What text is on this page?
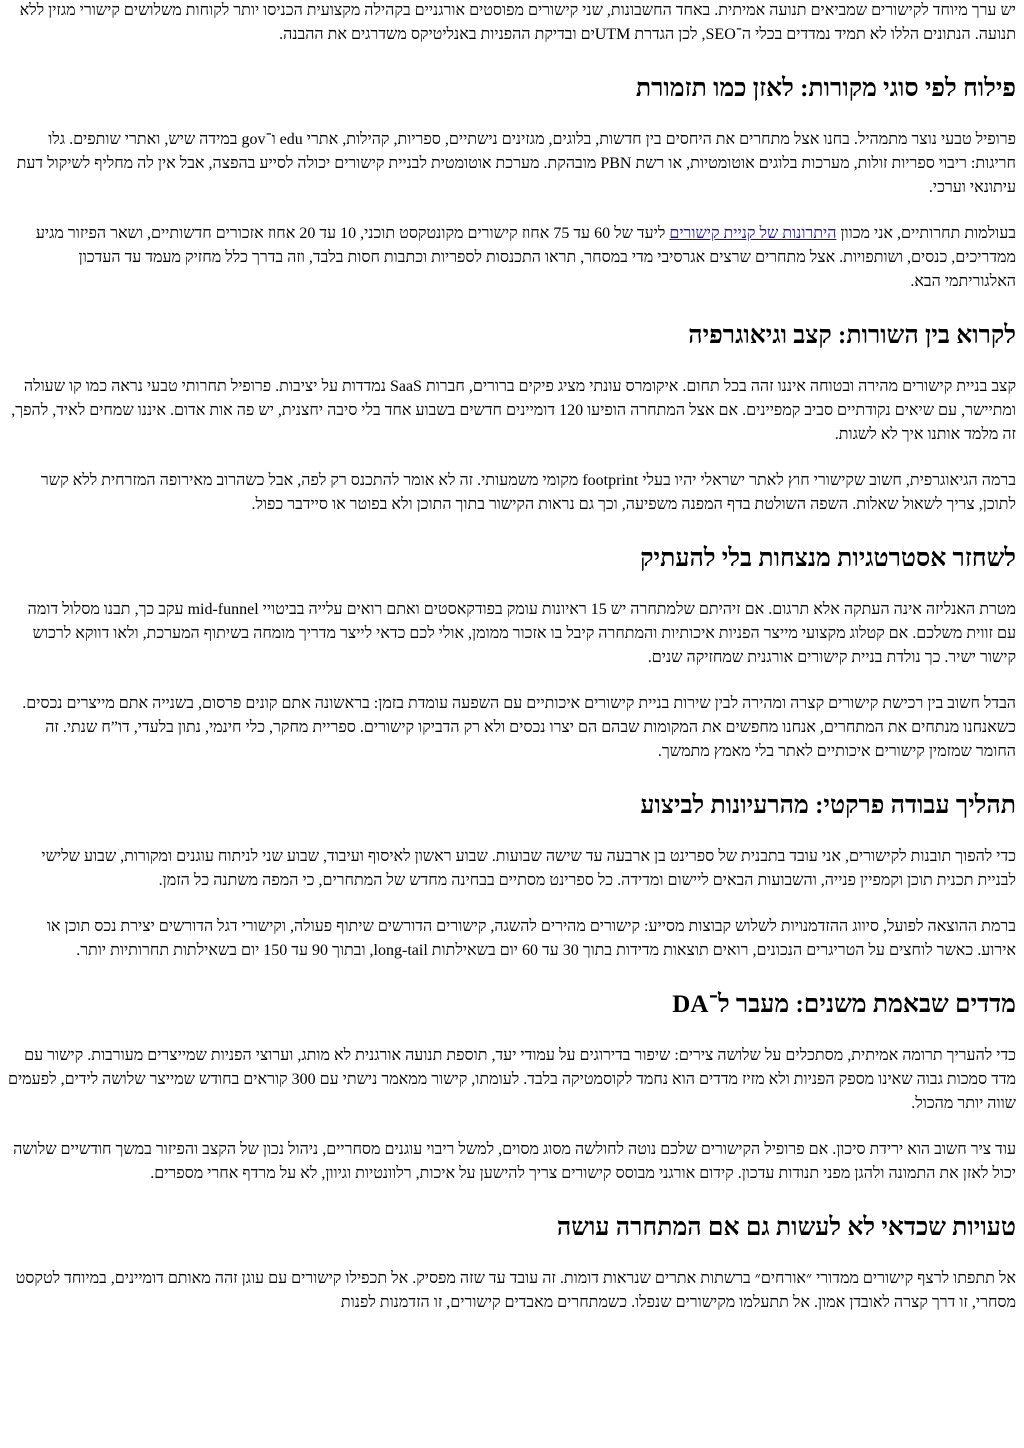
יש ערך מיוחד לקישורים שמביאים תנועה אמיתית. באחד החשבונות, שני קישורים מפוסטים אורגניים בקהילה מקצועית הכניסו יותר לקוחות משלושים קישורי מגזין ללא תנועה. הנתונים הללו לא תמיד נמדדים בכלי ה־SEO, לכן הגדרת UTMים ובדיקת ההפניות באנליטיקס משדרגים את ההבנה.

פילוח לפי סוגי מקורות: לאזן כמו תזמורת

פרופיל טבעי נוצר מתמהיל. בחנו אצל מתחרים את היחסים בין חדשות, בלוגים, מגזינים נישתיים, ספריות, קהילות, אתרי edu ו־gov במידה שיש, ואתרי שותפים. גלו חריגות: ריבוי ספריות זולות, מערכות בלוגים אוטומטיות, או רשת PBN מובהקת. מערכת אוטומטית לבניית קישורים יכולה לסייע בהפצה, אבל אין לה מחליף לשיקול דעת עיתונאי וערכי.

בעולמות תחרותיים, אני מכוון היתרונות של קניית קישורים ליעד של 60 עד 75 אחוז קישורים מקונטקסט תוכני, 10 עד 20 אחוז אזכורים חדשותיים, ושאר הפיזור מגיע ממדריכים, כנסים, ושותפויות. אצל מתחרים שרצים אגרסיבי מדי במסחר, תראו התכנסות לספריות וכתבות חסות בלבד, וזה בדרך כלל מחזיק מעמד עד העדכון האלגוריתמי הבא.

לקרוא בין השורות: קצב וגיאוגרפיה

קצב בניית קישורים מהירה ובטוחה איננו זהה בכל תחום. איקומרס עונתי מציג פיקים ברורים, חברות SaaS נמדדות על יציבות. פרופיל תחרותי טבעי נראה כמו קו שעולה ומתיישר, עם שיאים נקודתיים סביב קמפיינים. אם אצל המתחרה הופיעו 120 דומיינים חדשים בשבוע אחד בלי סיבה יחצנית, יש פה אות אדום. איננו שמחים לאיד, להפך, זה מלמד אותנו איך לא לשגות.

ברמה הגיאוגרפית, חשוב שקישורי חוץ לאתר ישראלי יהיו בעלי footprint מקומי משמעותי. זה לא אומר להתכנס רק לפה, אבל כשהרוב מאירופה המזרחית ללא קשר לתוכן, צריך לשאול שאלות. השפה השולטת בדף המפנה משפיעה, וכך גם נראות הקישור בתוך התוכן ולא בפוטר או סיידבר כפול.

לשחזר אסטרטגיות מנצחות בלי להעתיק

מטרת האנליזה אינה העתקה אלא תרגום. אם זיהיתם שלמתחרה יש 15 ראיונות עומק בפודקאסטים ואתם רואים עלייה בביטויי mid-funnel עקב כך, תבנו מסלול דומה עם זווית משלכם. אם קטלוג מקצועי מייצר הפניות איכותיות והמתחרה קיבל בו אזכור ממומן, אולי לכם כדאי לייצר מדריך מומחה בשיתוף המערכת, ולאו דווקא לרכוש קישור ישיר. כך נולדת בניית קישורים אורגנית שמחזיקה שנים.

הבדל חשוב בין רכישת קישורים קצרה ומהירה לבין שירות בניית קישורים איכותיים עם השפעה עומדת בזמן: בראשונה אתם קונים פרסום, בשנייה אתם מייצרים נכסים. כשאנחנו מנתחים את המתחרים, אנחנו מחפשים את המקומות שבהם הם יצרו נכסים ולא רק הדביקו קישורים. ספריית מחקר, כלי חינמי, נתון בלעדי, דו”ח שנתי. זה החומר שמזמין קישורים איכותיים לאתר בלי מאמץ מתמשך.

תהליך עבודה פרקטי: מהרעיונות לביצוע

כדי להפוך תובנות לקישורים, אני עובד בתבנית של ספרינט בן ארבעה עד שישה שבועות. שבוע ראשון לאיסוף ועיבוד, שבוע שני לניתוח עוגנים ומקורות, שבוע שלישי לבניית תכנית תוכן וקמפיין פנייה, והשבועות הבאים ליישום ומדידה. כל ספרינט מסתיים בבחינה מחדש של המתחרים, כי המפה משתנה כל הזמן.

ברמת ההוצאה לפועל, סיווג ההזדמנויות לשלוש קבוצות מסייע: קישורים מהירים להשגה, קישורים הדורשים שיתוף פעולה, וקישורי דגל הדורשים יצירת נכס תוכן או אירוע. כאשר לוחצים על הטריגרים הנכונים, רואים תוצאות מדידות בתוך 30 עד 60 יום בשאילתות long-tail, ובתוך 90 עד 150 יום בשאילתות תחרותיות יותר.

מדדים שבאמת משנים: מעבר ל־DA

כדי להעריך תרומה אמיתית, מסתכלים על שלושה צירים: שיפור בדירוגים על עמודי יעד, תוספת תנועה אורגנית לא מותג, וערוצי הפניות שמייצרים מעורבות. קישור עם מדד סמכות גבוה שאינו מספק הפניות ולא מזיז מדדים הוא נחמד לקוסמטיקה בלבד. לעומתו, קישור ממאמר נישתי עם 300 קוראים בחודש שמייצר שלושה לידים, לפעמים שווה יותר מהכול.

עוד ציר חשוב הוא ירידת סיכון. אם פרופיל הקישורים שלכם נוטה לחולשה מסוג מסוים, למשל ריבוי עוגנים מסחריים, ניהול נכון של הקצב והפיזור במשך חודשיים שלושה יכול לאזן את התמונה ולהגן מפני תנודות עדכון. קידום אורגני מבוסס קישורים צריך להישען על איכות, רלוונטיות וגיוון, לא על מרדף אחרי מספרים.

טעויות שכדאי לא לעשות גם אם המתחרה עושה

אל תתפתו לרצף קישורים ממדורי ״אורחים״ ברשתות אתרים שנראות דומות. זה עובד עד שזה מפסיק. אל תכפילו קישורים עם עוגן זהה מאותם דומיינים, במיוחד לטקסט מסחרי, זו דרך קצרה לאובדן אמון. אל תתעלמו מקישורים שנפלו. כשמתחרים מאבדים קישורים, זו הזדמנות לפנות
